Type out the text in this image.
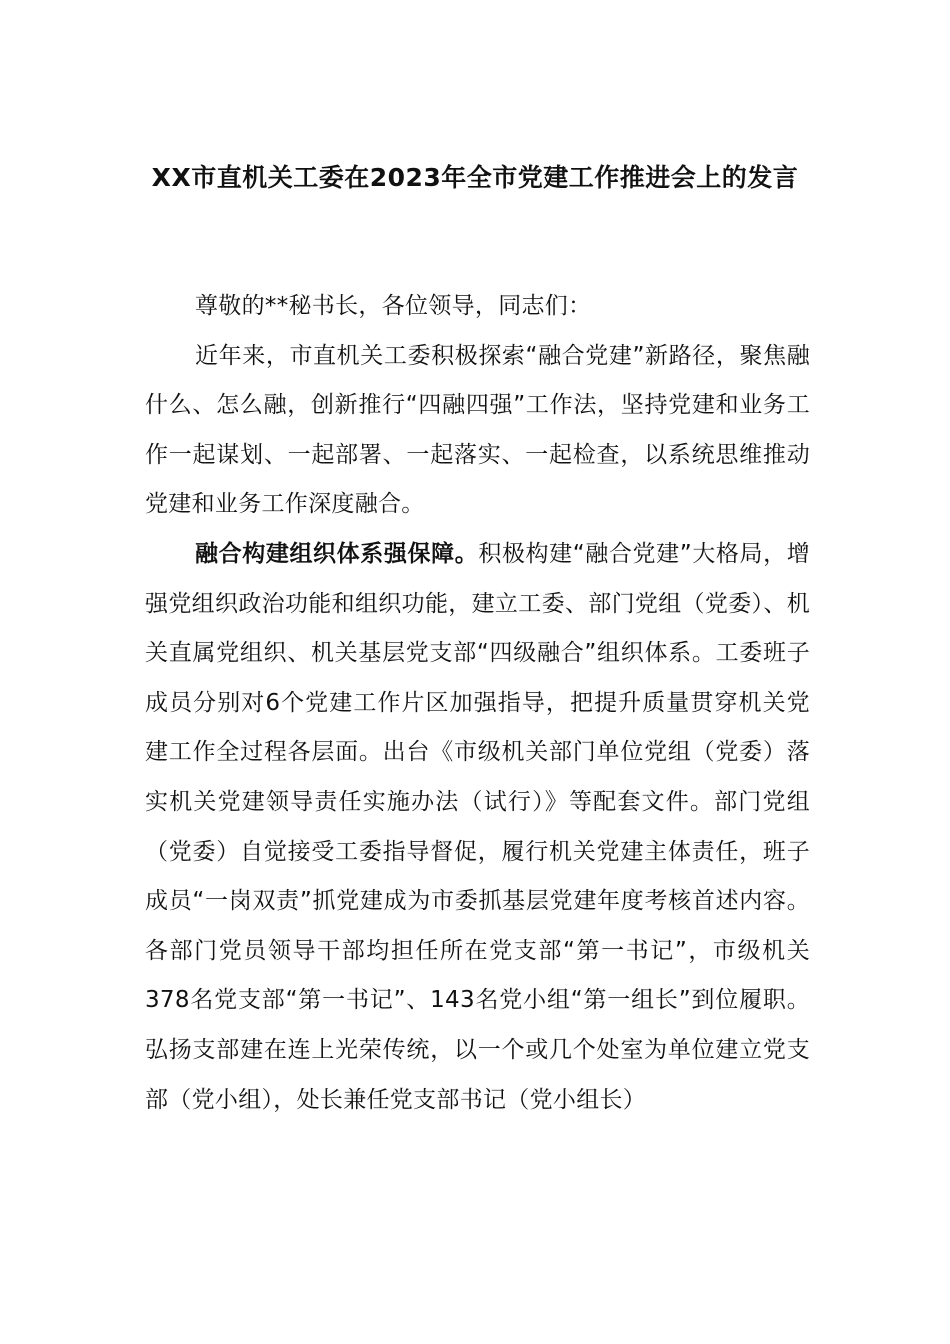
XX市直机关工委在2023年全市党建工作推进会上的发言

尊敬的**秘书长，各位领导，同志们：

近年来，市直机关工委积极探索“融合党建”新路径，聚焦融什么、怎么融，创新推行“四融四强”工作法，坚持党建和业务工作一起谋划、一起部署、一起落实、一起检查，以系统思维推动党建和业务工作深度融合。

融合构建组织体系强保障。积极构建“融合党建”大格局，增强党组织政治功能和组织功能，建立工委、部门党组（党委）、机关直属党组织、机关基层党支部“四级融合”组织体系。工委班子成员分别对6个党建工作片区加强指导，把提升质量贯穿机关党建工作全过程各层面。出台《市级机关部门单位党组（党委）落实机关党建领导责任实施办法（试行）》等配套文件。部门党组（党委）自觉接受工委指导督促，履行机关党建主体责任，班子成员“一岗双责”抓党建成为市委抓基层党建年度考核首述内容。各部门党员领导干部均担任所在党支部“第一书记”，市级机关378名党支部“第一书记”、143名党小组“第一组长”到位履职。弘扬支部建在连上光荣传统，以一个或几个处室为单位建立党支部（党小组），处长兼任党支部书记（党小组长）
